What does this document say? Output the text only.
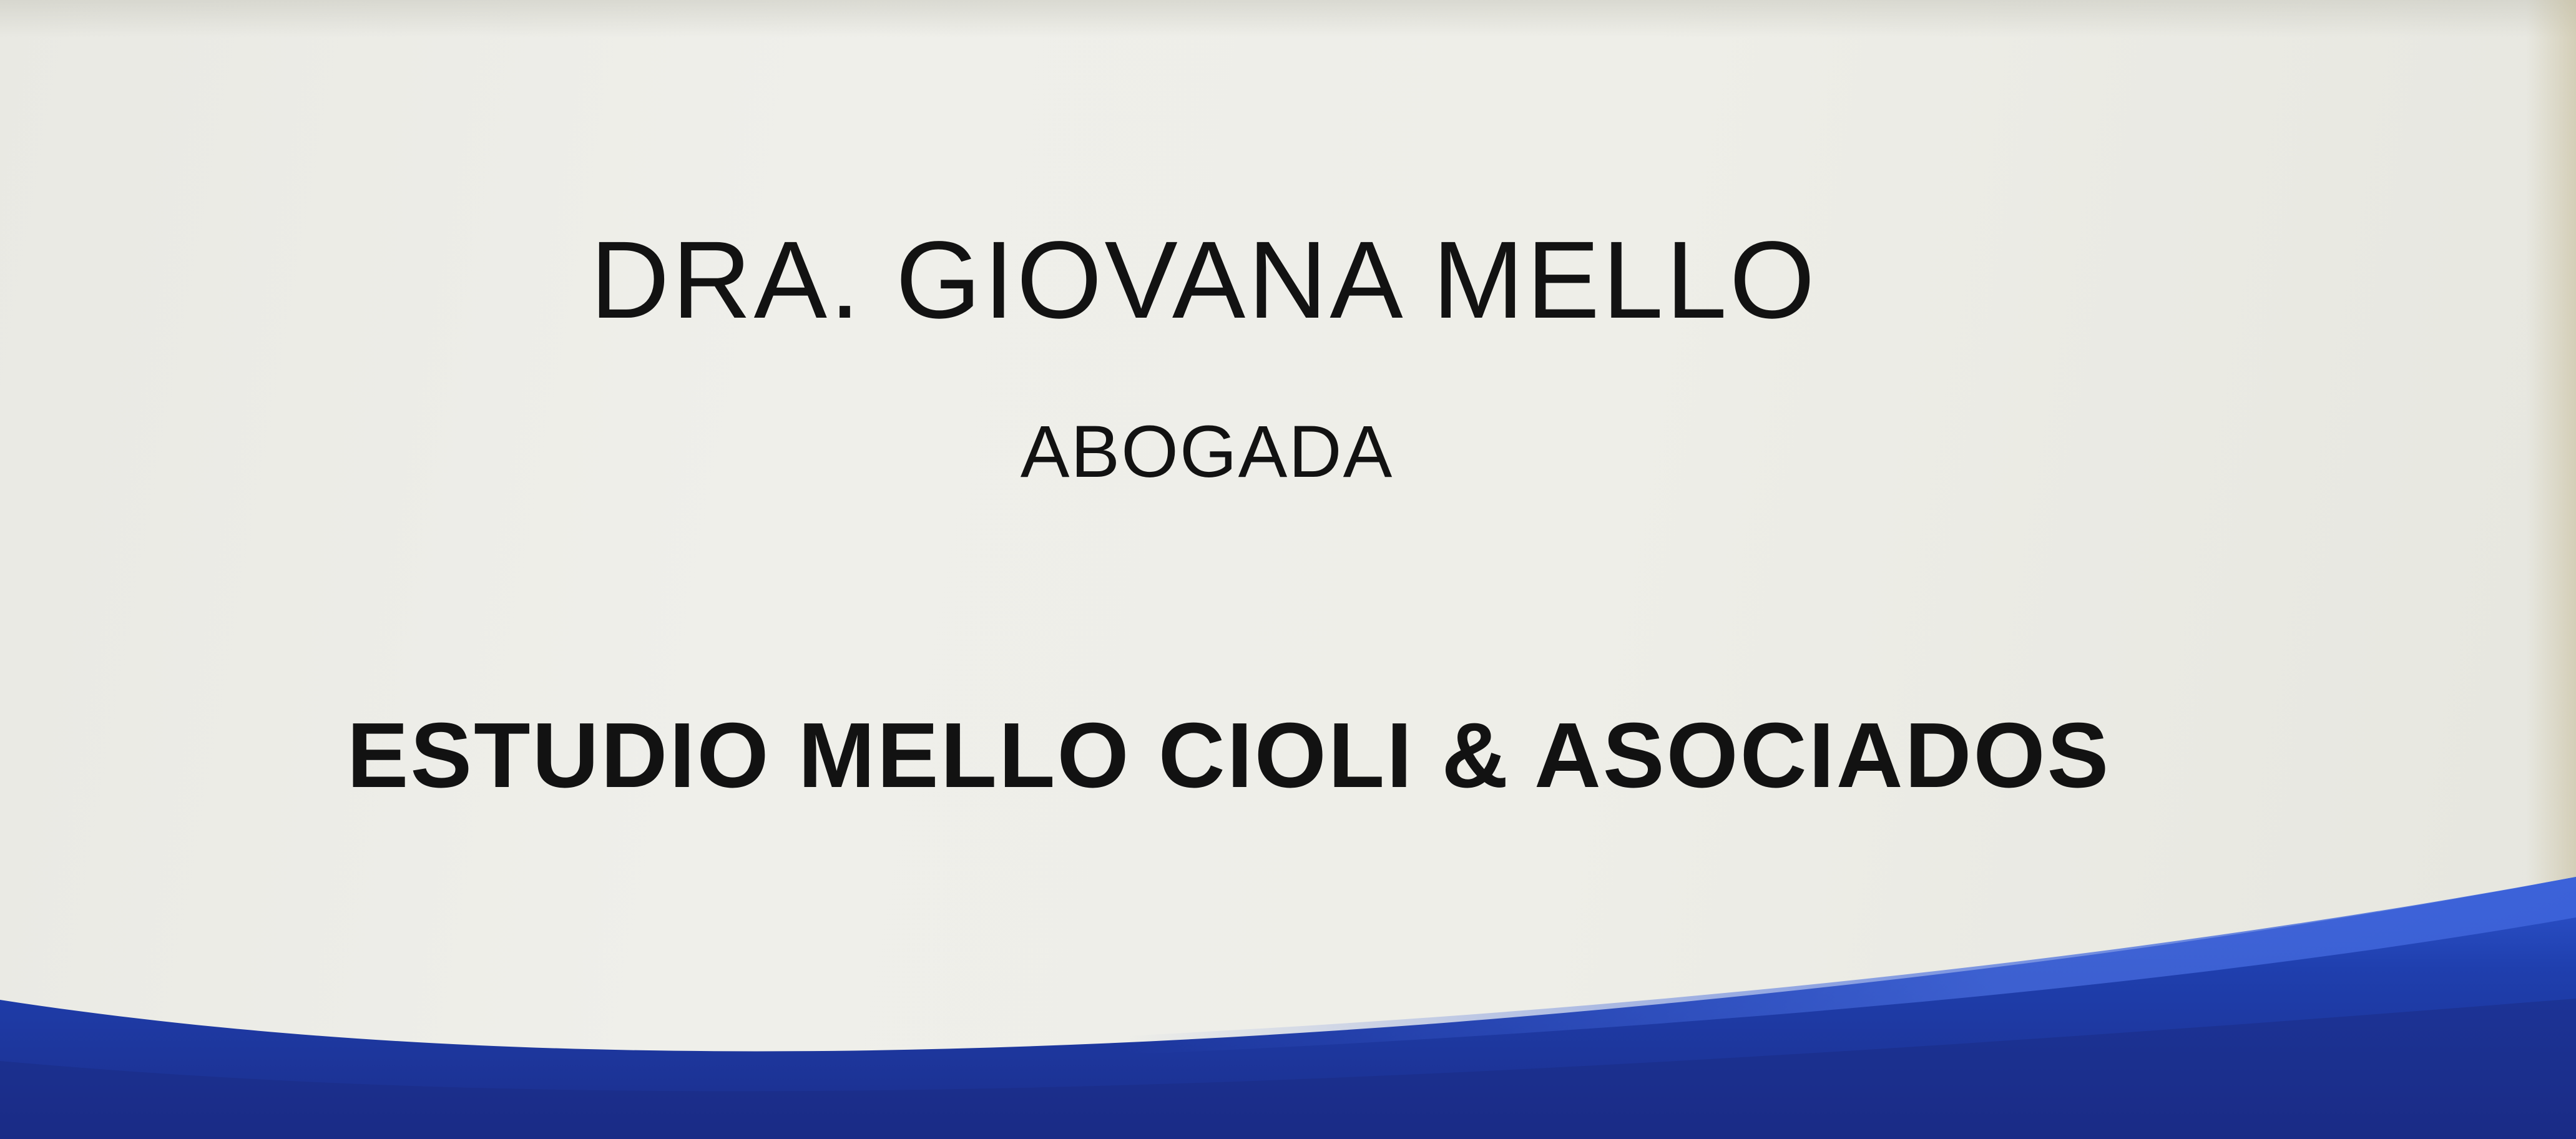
DRA. GIOVANA MELLO
ABOGADA
ESTUDIO MELLO CIOLI & ASOCIADOS
